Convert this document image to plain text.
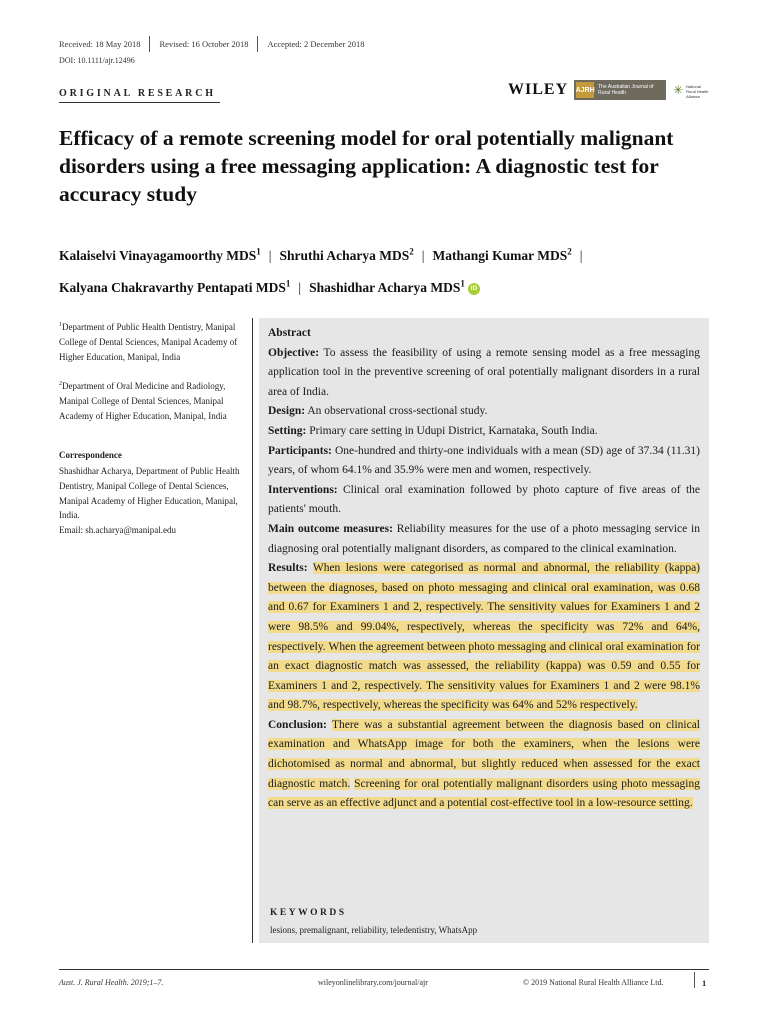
Received: 18 May 2018 Revised: 16 October 2018 Accepted: 2 December 2018
DOI: 10.1111/ajr.12496
ORIGINAL RESEARCH	WILEY AJRH The Australian Journal of Rural Health	✳ National Rural Health Alliance
Efficacy of a remote screening model for oral potentially malignant disorders using a free messaging application: A diagnostic test for accuracy study
Kalaiselvi Vinayagamoorthy MDS$^1$ | Shruthi Acharya MDS$^2$ | Mathangi Kumar MDS$^2$ |
Kalyana Chakravarthy Pentapati MDS$^1$ | Shashidhar Acharya MDS$^1$ iD
$^1$Department of Public Health Dentistry, Manipal College of Dental Sciences, Manipal Academy of Higher Education, Manipal, India
$^2$Department of Oral Medicine and Radiology, Manipal College of Dental Sciences, Manipal Academy of Higher Education, Manipal, India
Correspondence
Shashidhar Acharya, Department of Public Health Dentistry, Manipal College of Dental Sciences, Manipal Academy of Higher Education, Manipal, India.
Email: sh.acharya@manipal.edu

Abstract

Objective: To assess the feasibility of using a remote sensing model as a free messaging application tool in the preventive screening of oral potentially malignant disorders in a rural area of India.

Design: An observational cross-sectional study.

Setting: Primary care setting in Udupi District, Karnataka, South India.

Participants: One-hundred and thirty-one individuals with a mean (SD) age of 37.34 (11.31) years, of whom 64.1% and 35.9% were men and women, respectively.

Interventions: Clinical oral examination followed by photo capture of five areas of the patients' mouth.

Main outcome measures: Reliability measures for the use of a photo messaging service in diagnosing oral potentially malignant disorders, as compared to the clinical examination.

Results: When lesions were categorised as normal and abnormal, the reliability (kappa) between the diagnoses, based on photo messaging and clinical oral examination, was 0.68 and 0.67 for Examiners 1 and 2, respectively. The sensitivity values for Examiners 1 and 2 were 98.5% and 99.04%, respectively, whereas the specificity was 72% and 64%, respectively. When the agreement between photo messaging and clinical oral examination for an exact diagnostic match was assessed, the reliability (kappa) was 0.59 and 0.55 for Examiners 1 and 2, respectively. The sensitivity values for Examiners 1 and 2 were 98.1% and 98.7%, respectively, whereas the specificity was 64% and 52% respectively.

Conclusion: There was a substantial agreement between the diagnosis based on clinical examination and WhatsApp image for both the examiners, when the lesions were dichotomised as normal and abnormal, but slightly reduced when assessed for the exact diagnostic match. Screening for oral potentially malignant disorders using photo messaging can serve as an effective adjunct and a potential cost-effective tool in a low-resource setting.

KEYWORDS
lesions, premalignant, reliability, teledentistry, WhatsApp
Aust. J. Rural Health. 2019;1–7.	wileyonlinelibrary.com/journal/ajr	© 2019 National Rural Health Alliance Ltd.	1
